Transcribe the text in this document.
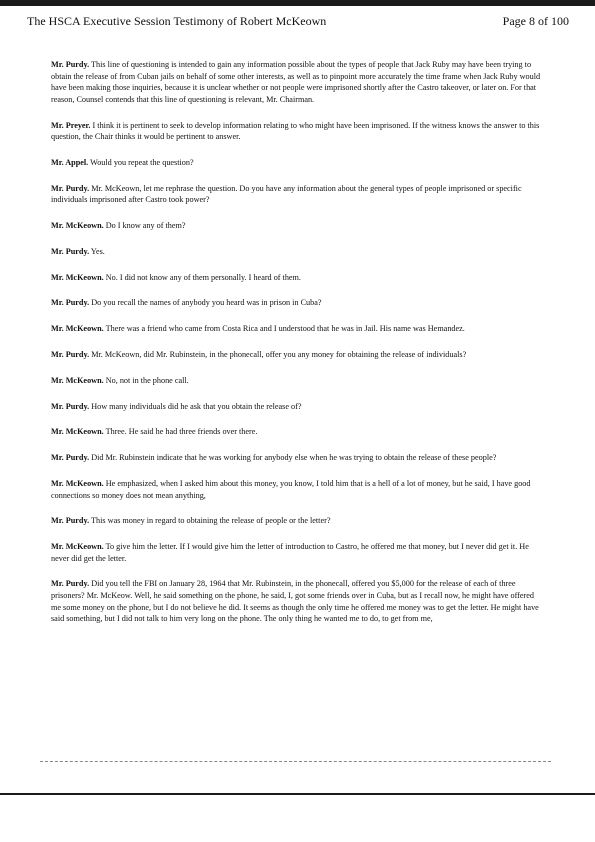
The HSCA Executive Session Testimony of Robert McKeown	Page 8 of 100

Mr. Purdy. This line of questioning is intended to gain any information possible about the types of people that Jack Ruby may have been trying to obtain the release of from Cuban jails on behalf of some other interests, as well as to pinpoint more accurately the time frame when Jack Ruby would have been making those inquiries, because it is unclear whether or not people were imprisoned shortly after the Castro takeover, or later on. For that reason, Counsel contends that this line of questioning is relevant, Mr. Chairman.

Mr. Preyer. I think it is pertinent to seek to develop information relating to who might have been imprisoned. If the witness knows the answer to this question, the Chair thinks it would be pertinent to answer.

Mr. Appel. Would you repeat the question?

Mr. Purdy. Mr. McKeown, let me rephrase the question. Do you have any information about the general types of people imprisoned or specific individuals imprisoned after Castro took power?

Mr. McKeown. Do I know any of them?

Mr. Purdy. Yes.

Mr. McKeown. No. I did not know any of them personally. I heard of them.

Mr. Purdy. Do you recall the names of anybody you heard was in prison in Cuba?

Mr. McKeown. There was a friend who came from Costa Rica and I understood that he was in Jail. His name was Hemandez.

Mr. Purdy. Mr. McKeown, did Mr. Rubinstein, in the phonecall, offer you any money for obtaining the release of individuals?

Mr. McKeown. No, not in the phone call.

Mr. Purdy. How many individuals did he ask that you obtain the release of?

Mr. McKeown. Three. He said he had three friends over there.

Mr. Purdy. Did Mr. Rubinstein indicate that he was working for anybody else when he was trying to obtain the release of these people?

Mr. McKeown. He emphasized, when I asked him about this money, you know, I told him that is a hell of a lot of money, but he said, I have good connections so money does not mean anything,

Mr. Purdy. This was money in regard to obtaining the release of people or the letter?

Mr. McKeown. To give him the letter. If I would give him the letter of introduction to Castro, he offered me that money, but I never did get it. He never did get the letter.

Mr. Purdy. Did you tell the FBI on January 28, 1964 that Mr. Rubinstein, in the phonecall, offered you $5,000 for the release of each of three prisoners? Mr. McKeow. Well, he said something on the phone, he said, I, got some friends over in Cuba, but as I recall now, he might have offered me some money on the phone, but I do not believe he did. It seems as though the only time he offered me money was to get the letter. He might have said something, but I did not talk to him very long on the phone. The only thing he wanted me to do, to get from me,
